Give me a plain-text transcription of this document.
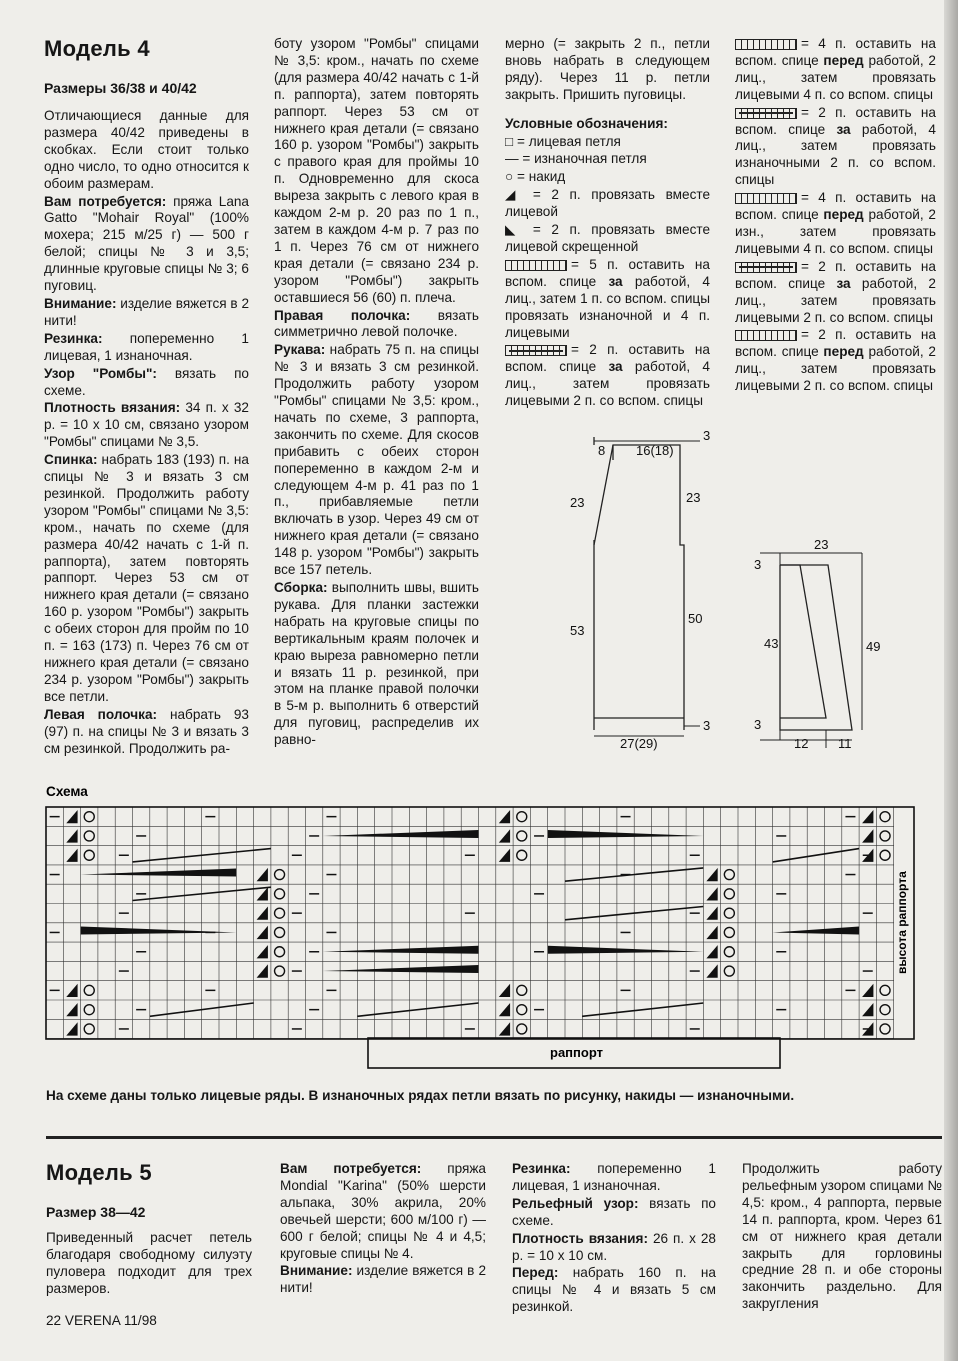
Модель 4
Размеры 36/38 и 40/42

Отличающиеся данные для размера 40/42 приведены в скобках. Если стоит только одно число, то одно относится к обоим размерам.

Вам потребуется: пряжа Lana Gatto "Mohair Royal" (100% мохера; 215 м/25 г) — 500 г белой; спицы № 3 и 3,5; длинные круговые спицы № 3; 6 пуговиц.

Внимание: изделие вяжется в 2 нити!

Резинка: попеременно 1 лицевая, 1 изнаночная.

Узор "Ромбы": вязать по схеме.

Плотность вязания: 34 п. х 32 р. = 10 х 10 см, связано узором "Ромбы" спицами № 3,5.

Спинка: набрать 183 (193) п. на спицы № 3 и вязать 3 см резинкой. Продолжить работу узором "Ромбы" спицами № 3,5: кром., начать по схеме (для размера 40/42 начать с 1-й п. раппорта), затем повторять раппорт. Через 53 см от нижнего края детали (= связано 160 р. узором "Ромбы") закрыть с обеих сторон для пройм по 10 п. = 163 (173) п. Через 76 см от нижнего края детали (= связано 234 р. узором "Ромбы") закрыть все петли.

Левая полочка: набрать 93 (97) п. на спицы № 3 и вязать 3 см резинкой. Продолжить ра-

боту узором "Ромбы" спицами № 3,5: кром., начать по схеме (для размера 40/42 начать с 1-й п. раппорта), затем повторять раппорт. Через 53 см от нижнего края детали (= связано 160 р. узором "Ромбы") закрыть с правого края для проймы 10 п. Одновременно для скоса выреза закрыть с левого края в каждом 2-м р. 20 раз по 1 п., затем в каждом 4-м р. 7 раз по 1 п. Через 76 см от нижнего края детали (= связано 234 р. узором "Ромбы") закрыть оставшиеся 56 (60) п. плеча.

Правая полочка: вязать симметрично левой полочке.

Рукава: набрать 75 п. на спицы № 3 и вязать 3 см резинкой. Продолжить работу узором "Ромбы" спицами № 3,5: кром., начать по схеме, 3 раппорта, закончить по схеме. Для скосов прибавить с обеих сторон попеременно в каждом 2-м и следующем 4-м р. 41 раз по 1 п., прибавляемые петли включать в узор. Через 49 см от нижнего края детали (= связано 148 р. узором "Ромбы") закрыть все 157 петель.

Сборка: выполнить швы, вшить рукава. Для планки застежки набрать на круговые спицы по вертикальным краям полочек и краю выреза равномерно петли и вязать 11 р. резинкой, при этом на планке правой полочки в 5-м р. выполнить 6 отверстий для пуговиц, распределив их равно-

мерно (= закрыть 2 п., петли вновь набрать в следующем ряду). Через 11 р. петли закрыть. Пришить пуговицы.

Условные обозначения:

□ = лицевая петля
— = изнаночная петля
○ = накид
◢ = 2 п. провязать вместе лицевой
◣ = 2 п. провязать вместе лицевой скрещенной
= 5 п. оставить на вспом. спице за работой, 4 лиц., затем 1 п. со вспом. спицы провязать изнаночной и 4 п. лицевыми
= 2 п. оставить на вспом. спице за работой, 4 лиц., затем провязать лицевыми 2 п. со вспом. спицы
= 4 п. оставить на вспом. спице перед работой, 2 лиц., затем провязать лицевыми 4 п. со вспом. спицы
= 2 п. оставить на вспом. спице за работой, 4 лиц., затем провязать изнаночными 2 п. со вспом. спицы
= 4 п. оставить на вспом. спице перед работой, 2 изн., затем провязать лицевыми 4 п. со вспом. спицы
= 2 п. оставить на вспом. спице за работой, 2 лиц., затем провязать лицевыми 2 п. со вспом. спицы
= 2 п. оставить на вспом. спице перед работой, 2 лиц., затем провязать лицевыми 2 п. со вспом. спицы
8 16(18)
3
23	23
53
50
27(29)
3
23
3
43	49
3
12 11
Схема
раппорт
высота раппорта
На схеме даны только лицевые ряды. В изнаночных рядах петли вязать по рисунку, накиды — изнаночными.
Модель 5
Размер 38—42
Приведенный расчет петель благодаря свободному силуэту пуловера подходит для трех размеров.

Вам потребуется: пряжа Mondial "Karina" (50% шерсти альпака, 30% акрила, 20% овечьей шерсти; 600 м/100 г) — 600 г белой; спицы № 4 и 4,5; круговые спицы № 4.

Внимание: изделие вяжется в 2 нити!

Резинка: попеременно 1 лицевая, 1 изнаночная.

Рельефный узор: вязать по схеме.

Плотность вязания: 26 п. х 28 р. = 10 х 10 см.

Перед: набрать 160 п. на спицы № 4 и вязать 5 см резинкой.

Продолжить работу рельефным узором спицами № 4,5: кром., 4 раппорта, первые 14 п. раппорта, кром. Через 61 см от нижнего края детали закрыть для горловины средние 28 п. и обе стороны закончить раздельно. Для закругления
22 VERENA 11/98
